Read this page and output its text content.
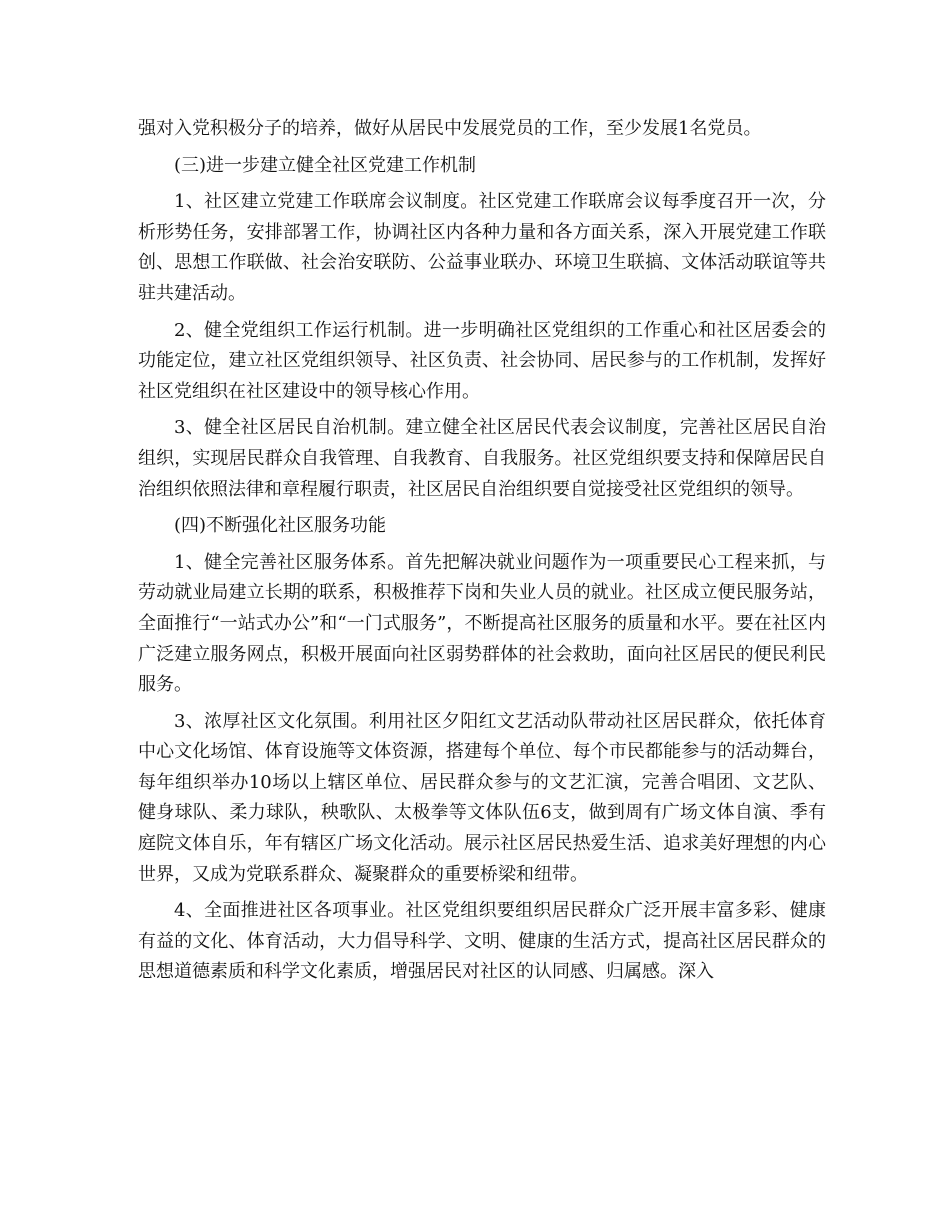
强对入党积极分子的培养，做好从居民中发展党员的工作，至少发展1名党员。

(三)进一步建立健全社区党建工作机制

1、社区建立党建工作联席会议制度。社区党建工作联席会议每季度召开一次，分析形势任务，安排部署工作，协调社区内各种力量和各方面关系，深入开展党建工作联创、思想工作联做、社会治安联防、公益事业联办、环境卫生联搞、文体活动联谊等共驻共建活动。

2、健全党组织工作运行机制。进一步明确社区党组织的工作重心和社区居委会的功能定位，建立社区党组织领导、社区负责、社会协同、居民参与的工作机制，发挥好社区党组织在社区建设中的领导核心作用。

3、健全社区居民自治机制。建立健全社区居民代表会议制度，完善社区居民自治组织，实现居民群众自我管理、自我教育、自我服务。社区党组织要支持和保障居民自治组织依照法律和章程履行职责，社区居民自治组织要自觉接受社区党组织的领导。

(四)不断强化社区服务功能

1、健全完善社区服务体系。首先把解决就业问题作为一项重要民心工程来抓，与劳动就业局建立长期的联系，积极推荐下岗和失业人员的就业。社区成立便民服务站，全面推行“一站式办公”和“一门式服务”，不断提高社区服务的质量和水平。要在社区内广泛建立服务网点，积极开展面向社区弱势群体的社会救助，面向社区居民的便民利民服务。

3、浓厚社区文化氛围。利用社区夕阳红文艺活动队带动社区居民群众，依托体育中心文化场馆、体育设施等文体资源，搭建每个单位、每个市民都能参与的活动舞台，每年组织举办10场以上辖区单位、居民群众参与的文艺汇演，完善合唱团、文艺队、健身球队、柔力球队，秧歌队、太极拳等文体队伍6支，做到周有广场文体自演、季有庭院文体自乐，年有辖区广场文化活动。展示社区居民热爱生活、追求美好理想的内心世界，又成为党联系群众、凝聚群众的重要桥梁和纽带。

4、全面推进社区各项事业。社区党组织要组织居民群众广泛开展丰富多彩、健康有益的文化、体育活动，大力倡导科学、文明、健康的生活方式，提高社区居民群众的思想道德素质和科学文化素质，增强居民对社区的认同感、归属感。深入
